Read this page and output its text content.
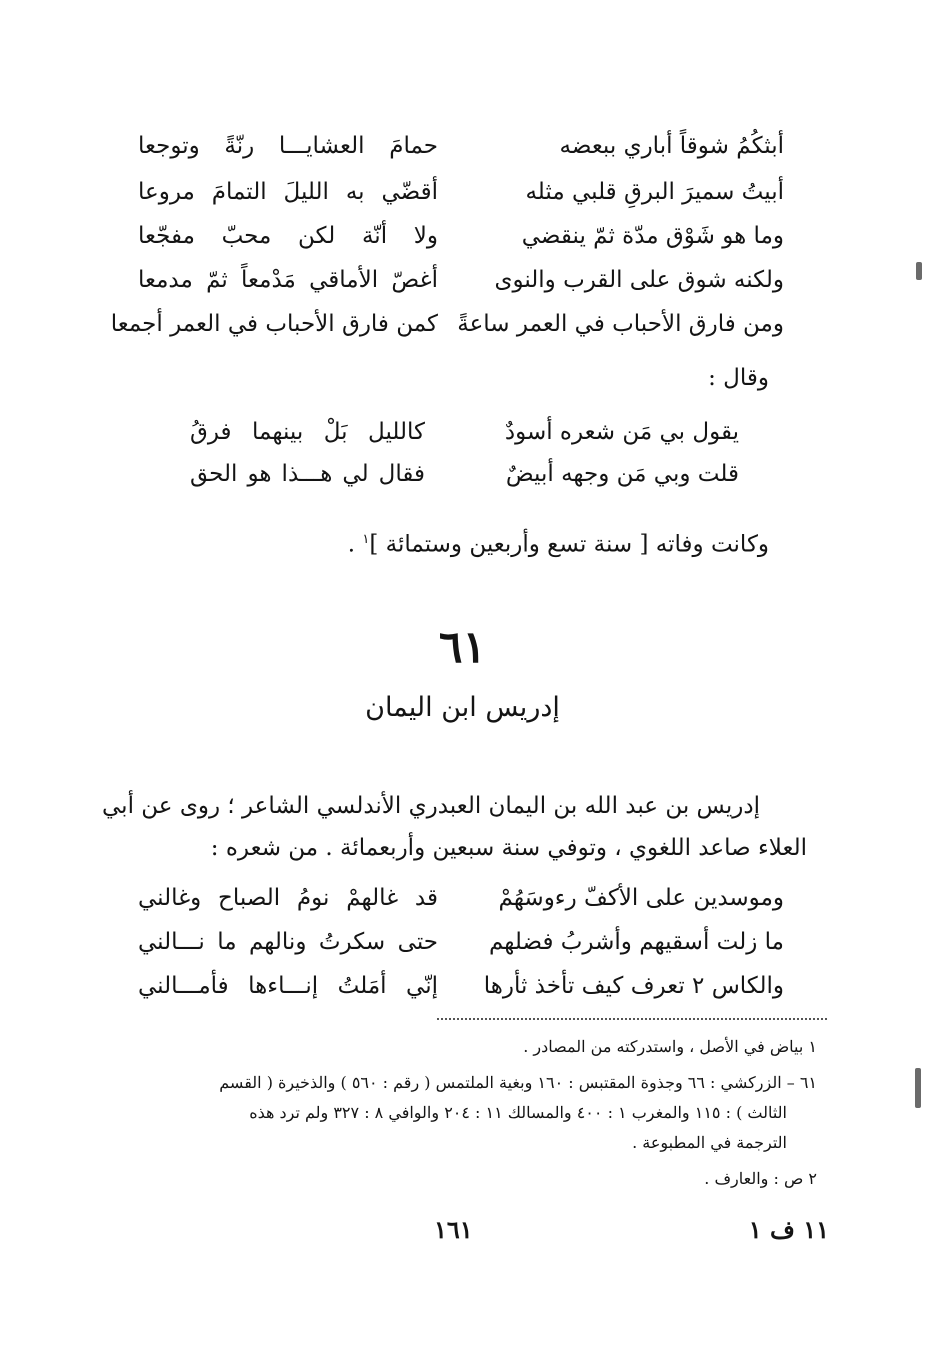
أبثكُمُ شوقاً أباري ببعضه
حمامَ العشايـــا رنّةً وتوجعا
أبيتُ سميرَ البرقِ قلبي مثله
أقضّي به الليلَ التمامَ مروعا
وما هو شَوْق مدّة ثمّ ينقضي
ولا أنّة لكن محبّ مفجّعا
ولكنه شوق على القرب والنوى
أغصّ الأماقي مَدْمعاً ثمّ مدمعا
ومن فارق الأحباب في العمر ساعةً
كمن فارق الأحباب في العمر أجمعا
وقال :
يقول بي مَن شعره أسودٌ
كالليل بَلْ بينهما فرقُ
قلت وبي مَن وجهه أبيضٌ
فقال لي هـــذا هو الحق
وكانت وفاته [ سنة تسع وأربعين وستمائة ]$^١$ .
٦١
إدريس ابن اليمان
إدريس بن عبد الله بن اليمان العبدري الأندلسي الشاعر ؛ روى عن أبي
العلاء صاعد اللغوي ، وتوفي سنة سبعين وأربعمائة . من شعره :
وموسدين على الأكفّ رءوسَهُمْ
قد غالهمْ نومُ الصباح وغالني
ما زلت أسقيهم وأشربُ فضلهم
حتى سكرتُ ونالهم ما نـــالني
والكاس ٢ تعرف كيف تأخذ ثأرها
إنّي أمَلتُ إنـــاءها فأمـــالني
١ بياض في الأصل ، واستدركته من المصادر .
٦١ – الزركشي : ٦٦ وجذوة المقتبس : ١٦٠ وبغية الملتمس ( رقم : ٥٦٠ ) والذخيرة ( القسم
الثالث ) : ١١٥ والمغرب ١ : ٤٠٠ والمسالك ١١ : ٢٠٤ والوافي ٨ : ٣٢٧ ولم ترد هذه
الترجمة في المطبوعة .
٢ ص : والعارف .
١٦١	١١ ف ١
